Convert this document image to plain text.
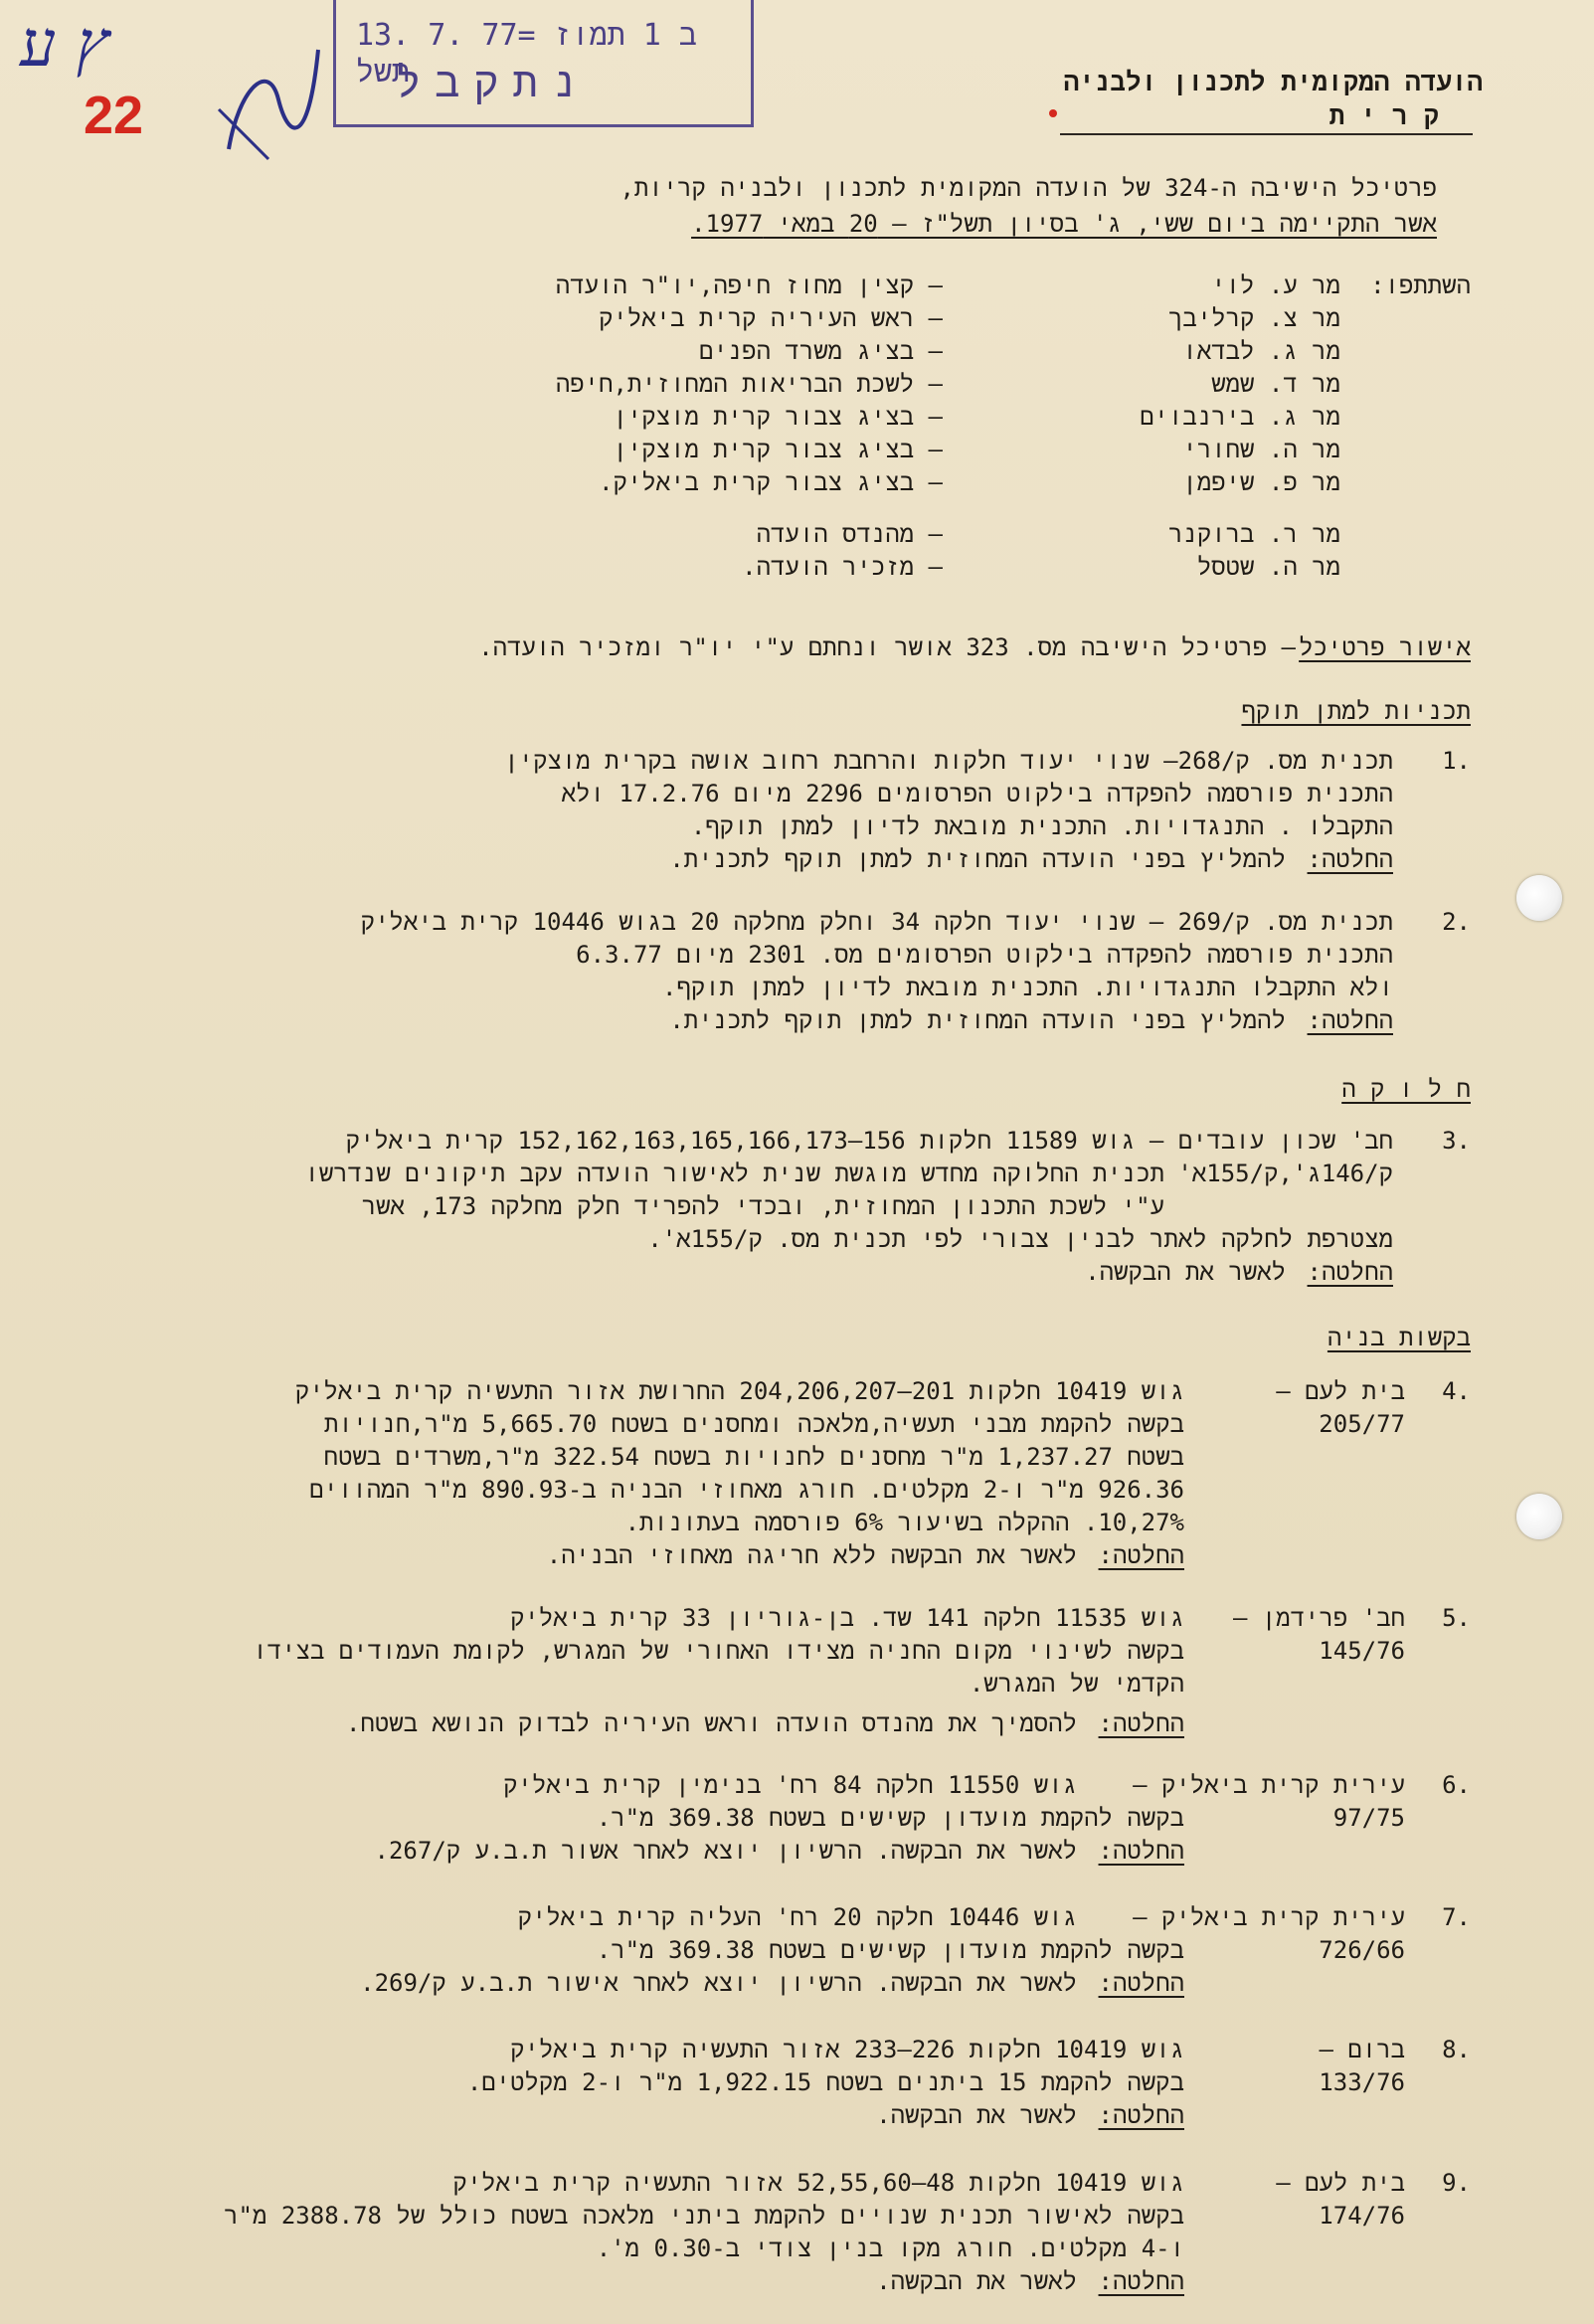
22
ץ ע	13. 7. 77= ב 1 תמוז תשל
נתקבל	הועדה המקומית לתכנון ולבניה
קרית
פרטיכל הישיבה ה-324 של הועדה המקומית לתכנון ולבניה קריות,
אשר התקיימה ביום ששי, ג' בסיון תשל"ז – 20 במאי 1977.
השתתפו:
מר ע. לוי
– קצין מחוז חיפה,יו"ר הועדה
מר צ. קרליבך
– ראש העיריה קרית ביאליק
מר ג. לבדאו
– בציג משרד הפנים
מר ד. שמש
– לשכת הבריאות המחוזית,חיפה
מר ג. בירנבוים
– בציג צבור קרית מוצקין
מר ה. שחורי
– בציג צבור קרית מוצקין
מר פ. שיפמן
– בציג צבור קרית ביאליק.
מר ר. ברוקנר
– מהנדס הועדה
מר ה. שטסל
– מזכיר הועדה.
אישור פרטיכל
– פרטיכל הישיבה מס. 323 אושר ונחתם ע"י יו"ר ומזכיר הועדה.
תכניות למתן תוקף
1.
תכנית מס. ק/268– שנוי יעוד חלקות והרחבת רחוב אושה בקרית מוצקין
התכנית פורסמה להפקדה בילקוט הפרסומים 2296 מיום 17.2.76 ולא
התקבלו . התנגדויות. התכנית מובאת לדיון למתן תוקף.
החלטה:
להמליץ בפני הועדה המחוזית למתן תוקף לתכנית.
2.
תכנית מס. ק/269 – שנוי יעוד חלקה 34 וחלק מחלקה 20 בגוש 10446 קרית ביאליק
התכנית פורסמה להפקדה בילקוט הפרסומים מס. 2301 מיום 6.3.77
ולא התקבלו התנגדויות. התכנית מובאת לדיון למתן תוקף.
החלטה:
להמליץ בפני הועדה המחוזית למתן תוקף לתכנית.
ח ל ו ק ה
3.
חב' שכון עובדים – גוש 11589 חלקות 156–152,162,163,165,166,173 קרית ביאליק
ק/146ג',ק/155א'
תכנית החלוקה מחדש מוגשת שנית לאישור הועדה עקב תיקונים שנדרשו
ע"י לשכת התכנון המחוזית, ובכדי להפריד חלק מחלקה 173, אשר
מצטרפת לחלקה לאתר לבנין צבורי לפי תכנית מס. ק/155א'.
החלטה:
לאשר את הבקשה.
בקשות בניה
4.
בית לעם –
205/77
גוש 10419 חלקות 201–204,206,207 החרושת אזור התעשיה קרית ביאליק
בקשה להקמת מבני תעשיה,מלאכה ומחסנים בשטח 5,665.70 מ"ר,חנויות
בשטח 1,237.27 מ"ר מחסנים לחנויות בשטח 322.54 מ"ר,משרדים בשטח
926.36 מ"ר ו-2 מקלטים. חורג מאחוזי הבניה ב-890.93 מ"ר המהווים
10,27%. ההקלה בשיעור 6% פורסמה בעתונות.
החלטה:
לאשר את הבקשה ללא חריגה מאחוזי הבניה.
5.
חב' פרידמן –
145/76
גוש 11535 חלקה 141 שד. בן-גוריון 33 קרית ביאליק
בקשה לשינוי מקום החניה מצידו האחורי של המגרש, לקומת העמודים בצידו
הקדמי של המגרש.
החלטה:
להסמיך את מהנדס הועדה וראש העיריה לבדוק הנושא בשטח.
6.
עירית קרית ביאליק –
97/75
גוש 11550 חלקה 84 רח' בנימין קרית ביאליק
בקשה להקמת מועדון קשישים בשטח 369.38 מ"ר.
החלטה:
לאשר את הבקשה. הרשיון יוצא לאחר אשור ת.ב.ע ק/267.
7.
עירית קרית ביאליק –
726/66
גוש 10446 חלקה 20 רח' העליה קרית ביאליק
בקשה להקמת מועדון קשישים בשטח 369.38 מ"ר.
החלטה:
לאשר את הבקשה. הרשיון יוצא לאחר אישור ת.ב.ע ק/269.
8.
ברום –
133/76
גוש 10419 חלקות 226–233 אזור התעשיה קרית ביאליק
בקשה להקמת 15 ביתנים בשטח 1,922.15 מ"ר ו-2 מקלטים.
החלטה:
לאשר את הבקשה.
9.
בית לעם –
174/76
גוש 10419 חלקות 48–52,55,60 אזור התעשיה קרית ביאליק
בקשה לאישור תכנית שנויים להקמת ביתני מלאכה בשטח כולל של 2388.78 מ"ר
ו-4 מקלטים. חורג מקו בנין צודי ב-0.30 מ'.
החלטה:
לאשר את הבקשה.
